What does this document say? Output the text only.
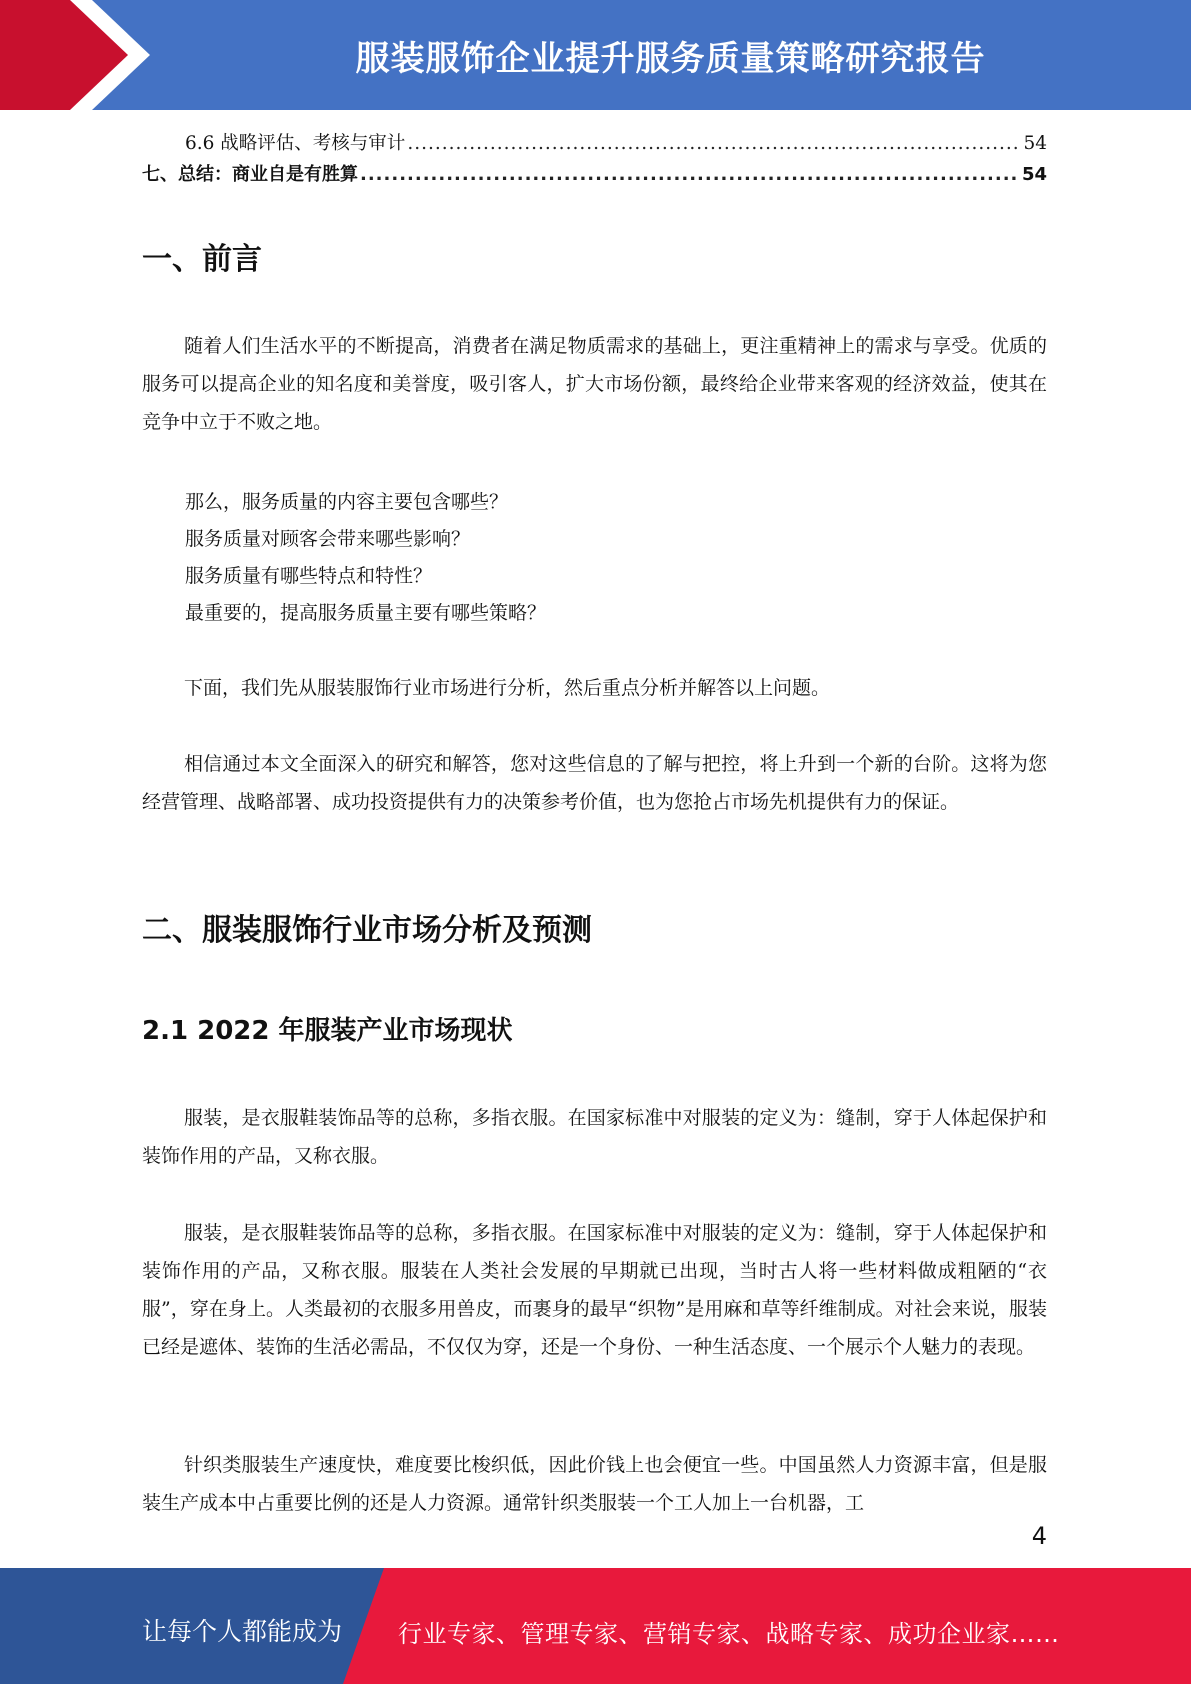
服装服饰企业提升服务质量策略研究报告
6.6 战略评估、考核与审计 .....	54
七、总结：商业自是有胜算 .....	54
一、前言

随着人们生活水平的不断提高，消费者在满足物质需求的基础上，更注重精神上的需求与享受。优质的服务可以提高企业的知名度和美誉度，吸引客人，扩大市场份额，最终给企业带来客观的经济效益，使其在竞争中立于不败之地。

那么，服务质量的内容主要包含哪些？

服务质量对顾客会带来哪些影响？

服务质量有哪些特点和特性？

最重要的，提高服务质量主要有哪些策略？

下面，我们先从服装服饰行业市场进行分析，然后重点分析并解答以上问题。

相信通过本文全面深入的研究和解答，您对这些信息的了解与把控，将上升到一个新的台阶。这将为您经营管理、战略部署、成功投资提供有力的决策参考价值，也为您抢占市场先机提供有力的保证。

二、服装服饰行业市场分析及预测
2.1 2022 年服装产业市场现状

服装，是衣服鞋装饰品等的总称，多指衣服。在国家标准中对服装的定义为：缝制，穿于人体起保护和装饰作用的产品，又称衣服。

服装，是衣服鞋装饰品等的总称，多指衣服。在国家标准中对服装的定义为：缝制，穿于人体起保护和装饰作用的产品，又称衣服。服装在人类社会发展的早期就已出现，当时古人将一些材料做成粗陋的“衣服”，穿在身上。人类最初的衣服多用兽皮，而裹身的最早“织物”是用麻和草等纤维制成。对社会来说，服装已经是遮体、装饰的生活必需品，不仅仅为穿，还是一个身份、一种生活态度、一个展示个人魅力的表现。

针织类服装生产速度快，难度要比梭织低，因此价钱上也会便宜一些。中国虽然人力资源丰富，但是服装生产成本中占重要比例的还是人力资源。通常针织类服装一个工人加上一台机器，工

4
让每个人都能成为 行业专家、管理专家、营销专家、战略专家、成功企业家……
